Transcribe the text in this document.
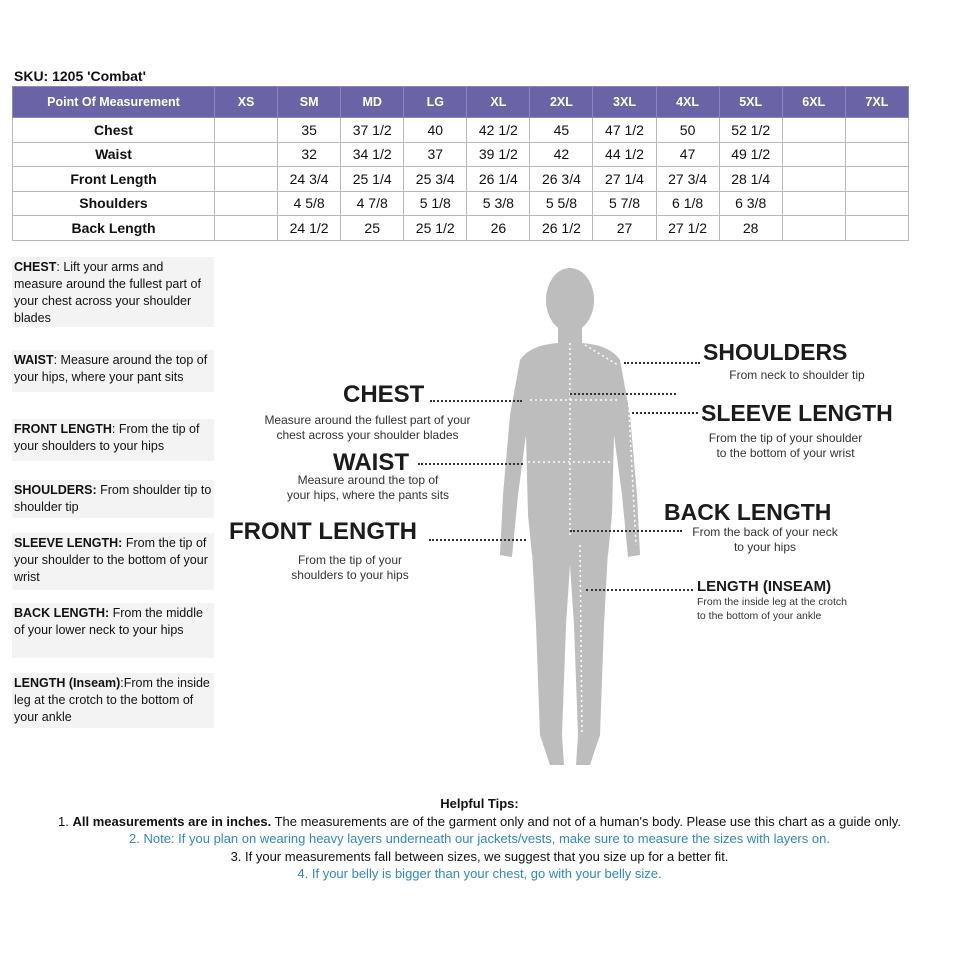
SKU: 1205 'Combat'
Point Of Measurement	XS	SM	MD	LG	XL	2XL	3XL	4XL	5XL	6XL	7XL
Chest		35	37 1/2	40	42 1/2	45	47 1/2	50	52 1/2		
Waist		32	34 1/2	37	39 1/2	42	44 1/2	47	49 1/2		
Front Length		24 3/4	25 1/4	25 3/4	26 1/4	26 3/4	27 1/4	27 3/4	28 1/4		
Shoulders		4 5/8	4 7/8	5 1/8	5 3/8	5 5/8	5 7/8	6 1/8	6 3/8		
Back Length		24 1/2	25	25 1/2	26	26 1/2	27	27 1/2	28		
CHEST: Lift your arms and measure around the fullest part of your chest across your shoulder blades
WAIST: Measure around the top of your hips, where your pant sits
FRONT LENGTH: From the tip of your shoulders to your hips
SHOULDERS: From shoulder tip to shoulder tip
SLEEVE LENGTH: From the tip of your shoulder to the bottom of your wrist
BACK LENGTH: From the middle of your lower neck to your hips
LENGTH (Inseam):From the inside leg at the crotch to the bottom of your ankle
CHEST
Measure around the fullest part of your
chest across your shoulder blades
WAIST
Measure around the top of
your hips, where the pants sits
FRONT LENGTH
From the tip of your
shoulders to your hips
SHOULDERS
From neck to shoulder tip
SLEEVE LENGTH
From the tip of your shoulder
to the bottom of your wrist
BACK LENGTH
From the back of your neck
to your hips
LENGTH (INSEAM)
From the inside leg at the crotch
to the bottom of your ankle
Helpful Tips:
1. All measurements are in inches. The measurements are of the garment only and not of a human's body. Please use this chart as a guide only.
2. Note: If you plan on wearing heavy layers underneath our jackets/vests, make sure to measure the sizes with layers on.
3. If your measurements fall between sizes, we suggest that you size up for a better fit.
4. If your belly is bigger than your chest, go with your belly size.
